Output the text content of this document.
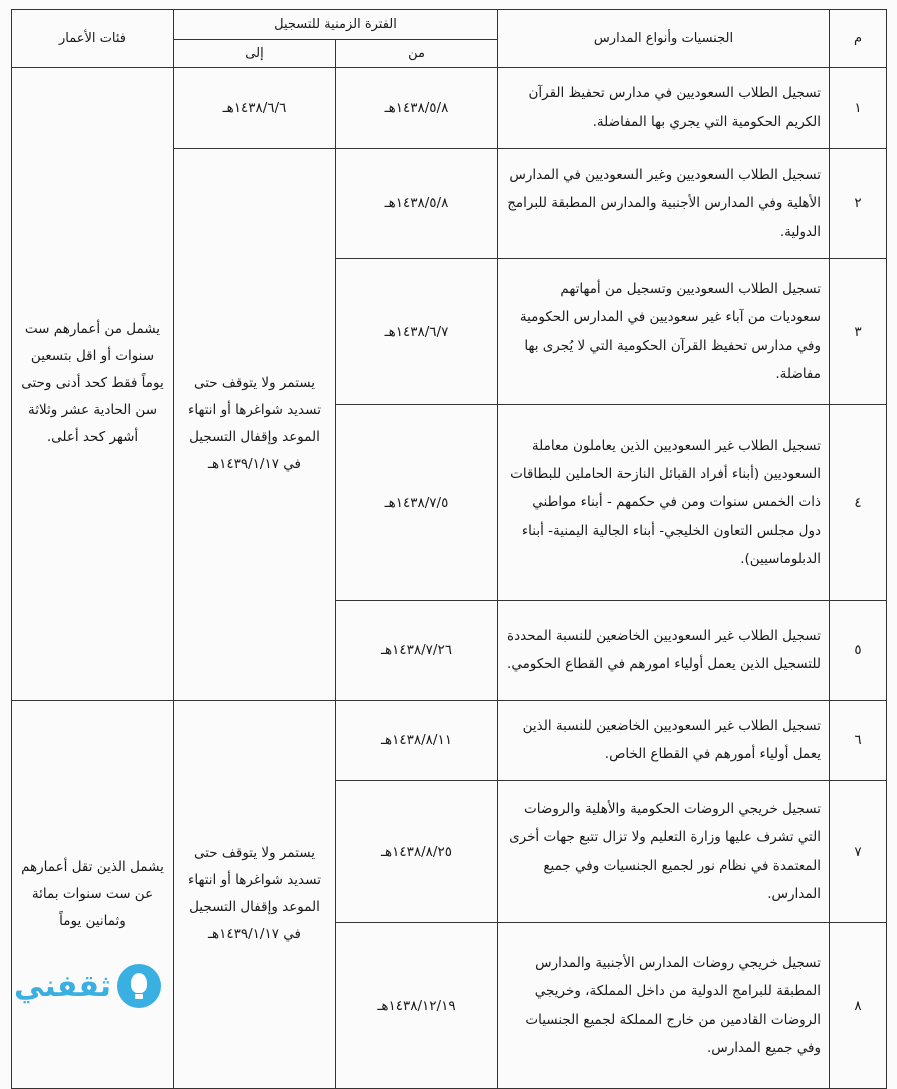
م	الجنسيات وأنواع المدارس	الفترة الزمنية للتسجيل		فئات الأعمار
		من	إلى	
١	تسجيل الطلاب السعوديين في مدارس تحفيظ القرآن الكريم الحكومية التي يجري بها المفاضلة.	١٤٣٨/٥/٨هـ	١٤٣٨/٦/٦هـ	يشمل من أعمارهم ست سنوات أو اقل بتسعين يوماً فقط كحد أدنى وحتى سن الحادية عشر وثلاثة أشهر كحد أعلى.
٢	تسجيل الطلاب السعوديين وغير السعوديين في المدارس الأهلية وفي المدارس الأجنبية والمدارس المطبقة للبرامج الدولية.	١٤٣٨/٥/٨هـ	يستمر ولا يتوقف حتى تسديد شواغرها أو انتهاء الموعد وإقفال التسجيل في ١٤٣٩/١/١٧هـ	
٣	تسجيل الطلاب السعوديين وتسجيل من أمهاتهم سعوديات من آباء غير سعوديين في المدارس الحكومية وفي مدارس تحفيظ القرآن الحكومية التي لا يُجرى بها مفاضلة.	١٤٣٨/٦/٧هـ		
٤	تسجيل الطلاب غير السعوديين الذين يعاملون معاملة السعوديين (أبناء أفراد القبائل النازحة الحاملين للبطاقات ذات الخمس سنوات ومن في حكمهم - أبناء مواطني دول مجلس التعاون الخليجي- أبناء الجالية اليمنية- أبناء الدبلوماسيين).	١٤٣٨/٧/٥هـ		
٥	تسجيل الطلاب غير السعوديين الخاضعين للنسبة المحددة للتسجيل الذين يعمل أولياء امورهم في القطاع الحكومي.	١٤٣٨/٧/٢٦هـ		
٦	تسجيل الطلاب غير السعوديين الخاضعين للنسبة الذين يعمل أولياء أمورهم في القطاع الخاص.	١٤٣٨/٨/١١هـ	يستمر ولا يتوقف حتى تسديد شواغرها أو انتهاء الموعد وإقفال التسجيل في ١٤٣٩/١/١٧هـ	يشمل الذين تقل أعمارهم عن ست سنوات بمائة وثمانين يوماً
٧	تسجيل خريجي الروضات الحكومية والأهلية والروضات التي تشرف عليها وزارة التعليم ولا تزال تتبع جهات أخرى المعتمدة في نظام نور لجميع الجنسيات وفي جميع المدارس.	١٤٣٨/٨/٢٥هـ		
٨	تسجيل خريجي روضات المدارس الأجنبية والمدارس المطبقة للبرامج الدولية من داخل المملكة، وخريجي الروضات القادمين من خارج المملكة لجميع الجنسيات وفي جميع المدارس.	١٤٣٨/١٢/١٩هـ		
ثقفني
